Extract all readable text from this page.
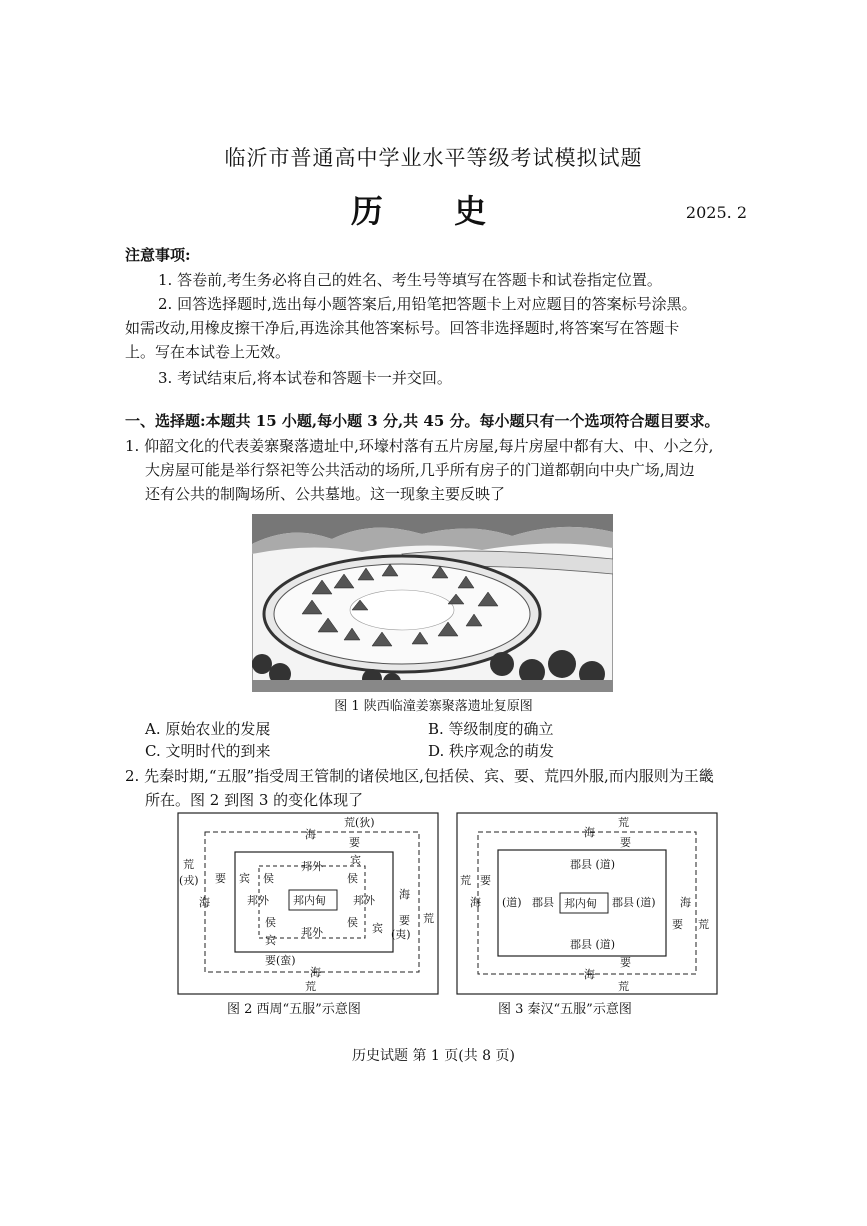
临沂市普通高中学业水平等级考试模拟试题
历 史	2025. 2
注意事项:
1. 答卷前,考生务必将自己的姓名、考生号等填写在答题卡和试卷指定位置。
2. 回答选择题时,选出每小题答案后,用铅笔把答题卡上对应题目的答案标号涂黑。
如需改动,用橡皮擦干净后,再选涂其他答案标号。回答非选择题时,将答案写在答题卡
上。写在本试卷上无效。
3. 考试结束后,将本试卷和答题卡一并交回。
一、选择题:本题共 15 小题,每小题 3 分,共 45 分。每小题只有一个选项符合题目要求。
1. 仰韶文化的代表姜寨聚落遗址中,环壕村落有五片房屋,每片房屋中都有大、中、小之分,
大房屋可能是举行祭祀等公共活动的场所,几乎所有房子的门道都朝向中央广场,周边
还有公共的制陶场所、公共墓地。这一现象主要反映了
图 1 陕西临潼姜寨聚落遗址复原图
A. 原始农业的发展	B. 等级制度的确立
C. 文明时代的到来	D. 秩序观念的萌发
2. 先秦时期,“五服”指受周王管制的诸侯地区,包括侯、宾、要、荒四外服,而内服则为王畿
所在。图 2 到图 3 的变化体现了
荒(狄)
海
要
宾
邦外
荒
(戎) 要
海
宾 侯	侯
邦外 邦内甸 邦外
侯	侯
邦外	宾
海
荒
要
(夷)
宾
要(蛮)
海
荒
荒
海
要
郡县 (道)
荒 要
海 (道) 郡县 邦内甸 郡县 (道) 海
要 荒
郡县 (道)
要
海
荒
图 2 西周“五服”示意图	图 3 秦汉“五服”示意图
历史试题 第 1 页(共 8 页)
